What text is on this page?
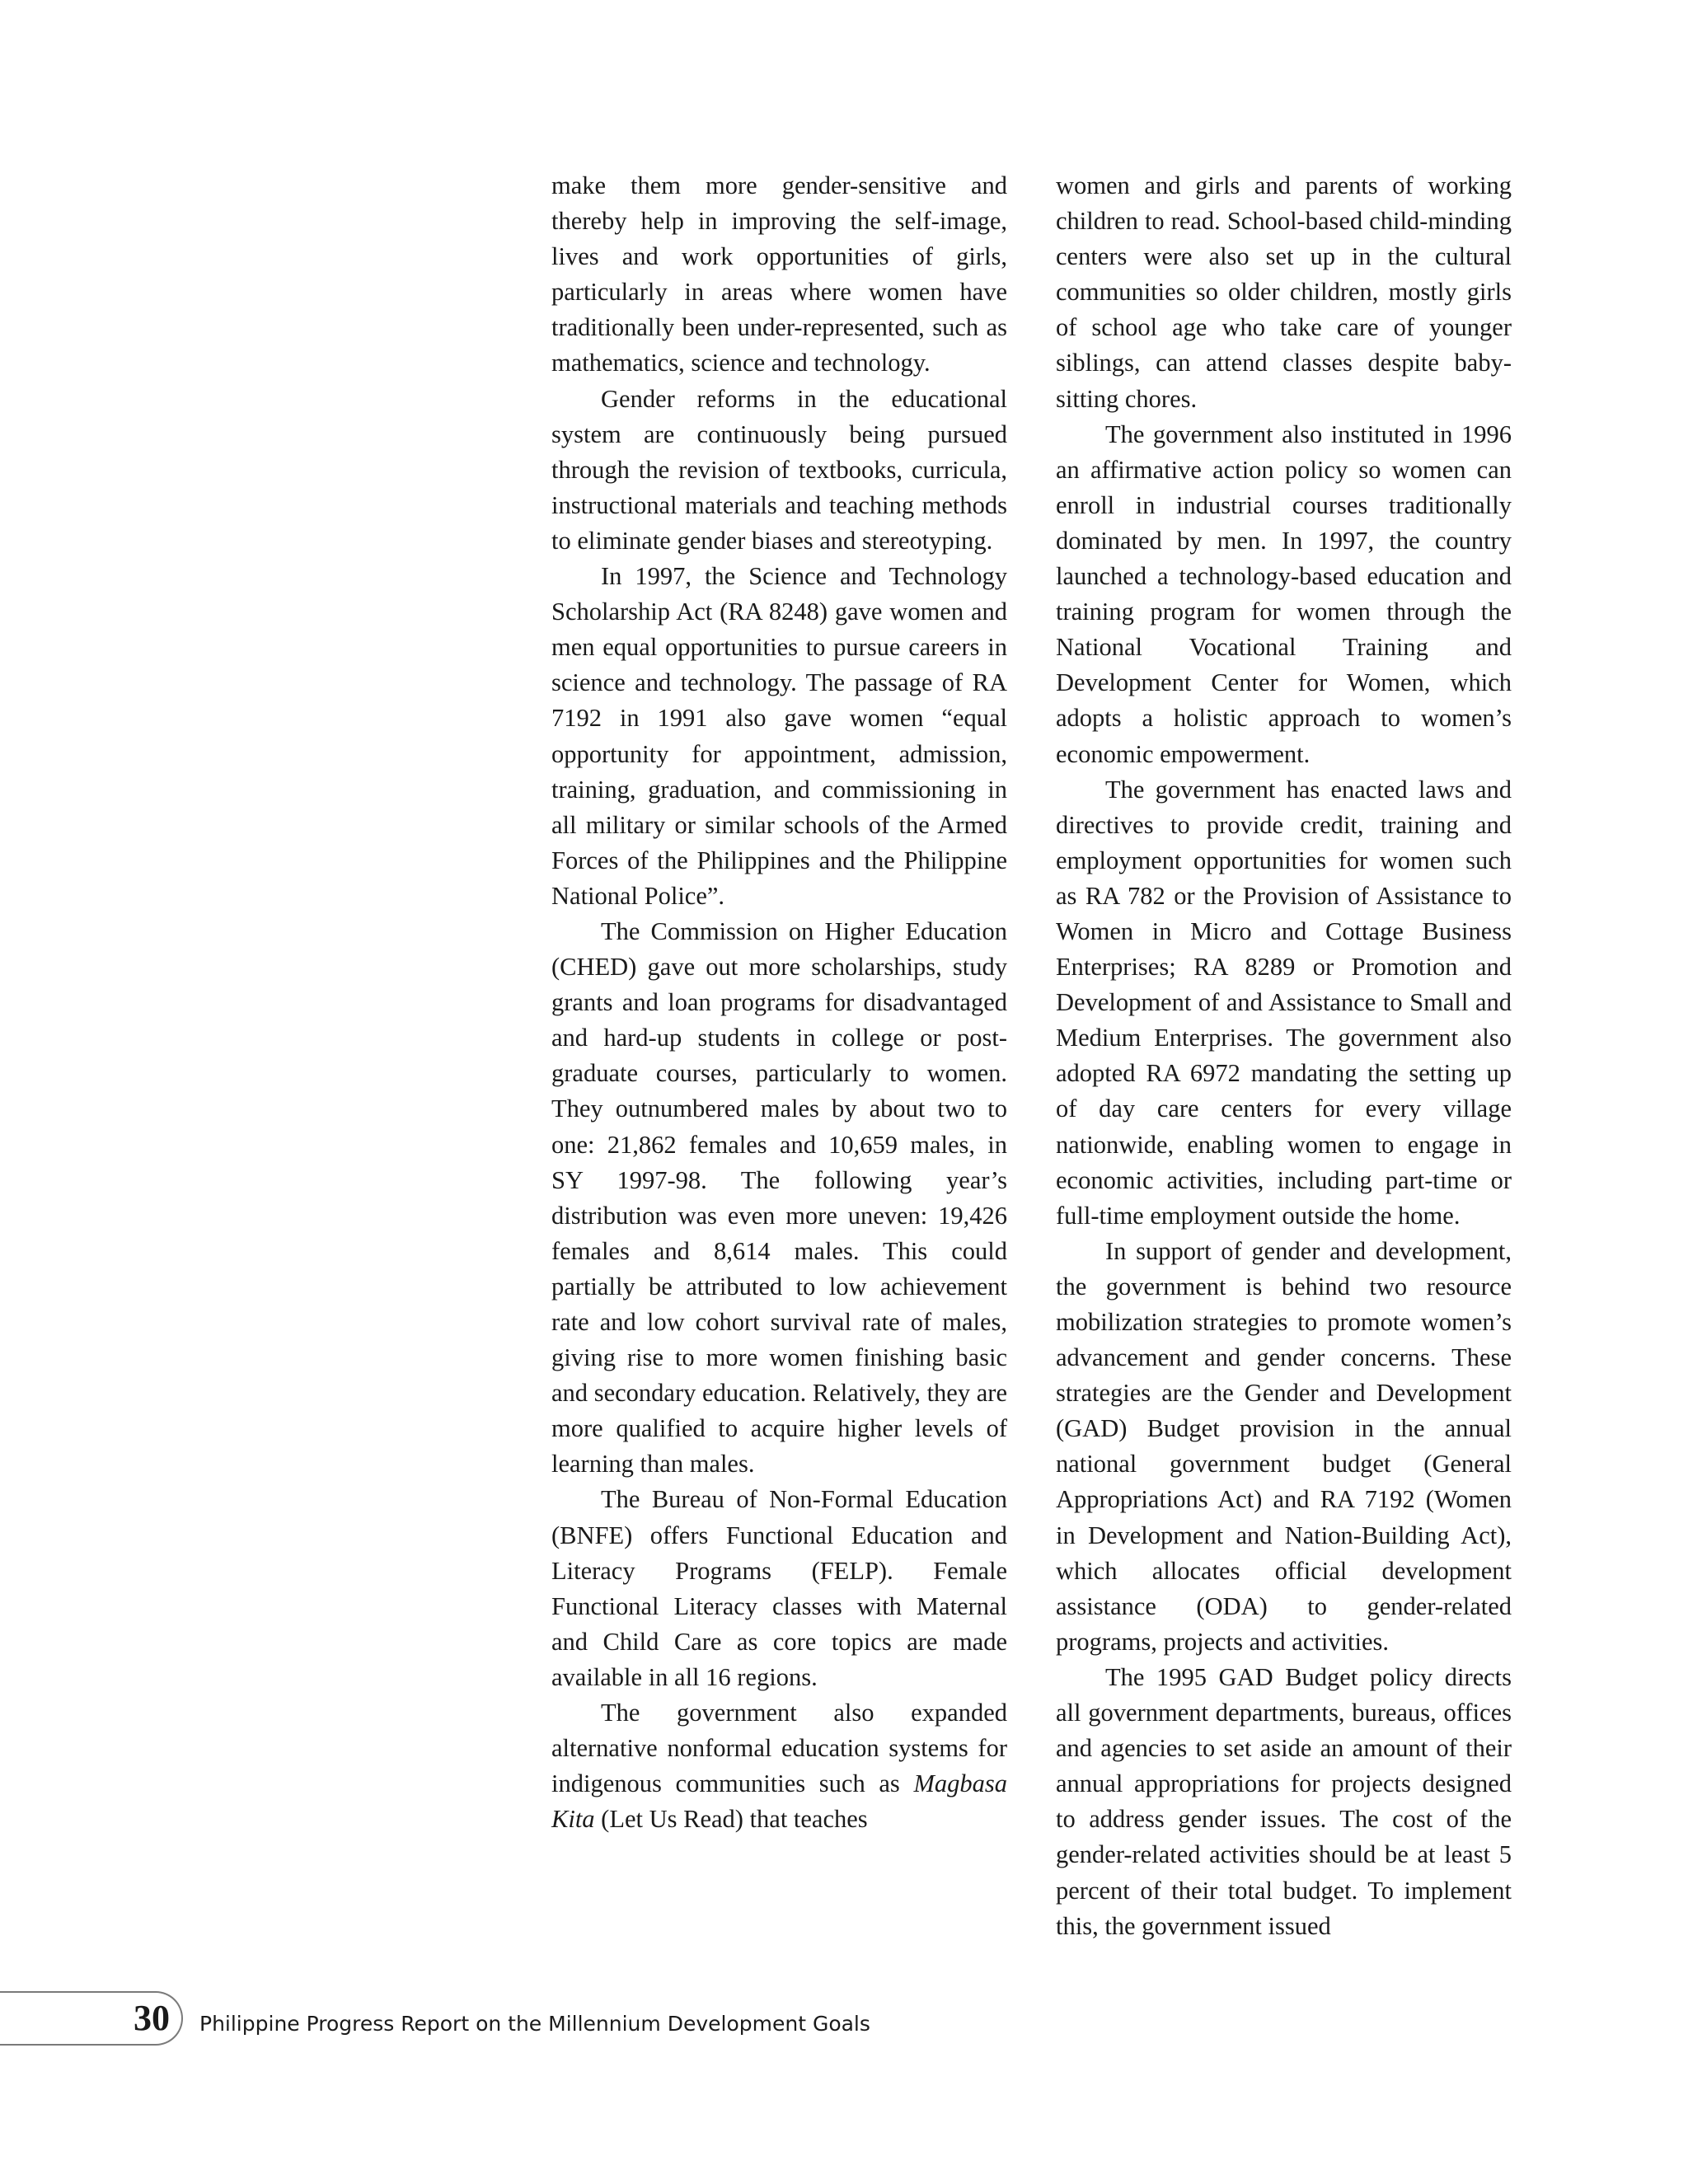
make them more gender-sensitive and thereby help in improving the self-image, lives and work opportunities of girls, particularly in areas where women have traditionally been under-represented, such as mathematics, science and technology.

Gender reforms in the educational system are continuously being pursued through the revision of textbooks, curricula, instructional materials and teaching methods to eliminate gender biases and stereotyping.

In 1997, the Science and Technology Scholarship Act (RA 8248) gave women and men equal opportunities to pursue careers in science and technology. The passage of RA 7192 in 1991 also gave women “equal opportunity for appointment, admission, training, graduation, and commissioning in all military or similar schools of the Armed Forces of the Philippines and the Philippine National Police”.

The Commission on Higher Education (CHED) gave out more scholarships, study grants and loan programs for disadvantaged and hard-up students in college or post-graduate courses, particularly to women. They outnumbered males by about two to one: 21,862 females and 10,659 males, in SY 1997-98. The following year’s distribution was even more uneven: 19,426 females and 8,614 males. This could partially be attributed to low achievement rate and low cohort survival rate of males, giving rise to more women finishing basic and secondary education. Relatively, they are more qualified to acquire higher levels of learning than males.

The Bureau of Non-Formal Education (BNFE) offers Functional Education and Literacy Programs (FELP). Female Functional Literacy classes with Maternal and Child Care as core topics are made available in all 16 regions.

The government also expanded alternative nonformal education systems for indigenous communities such as Magbasa Kita (Let Us Read) that teaches

women and girls and parents of working children to read. School-based child-minding centers were also set up in the cultural communities so older children, mostly girls of school age who take care of younger siblings, can attend classes despite baby-sitting chores.

The government also instituted in 1996 an affirmative action policy so women can enroll in industrial courses traditionally dominated by men. In 1997, the country launched a technology-based education and training program for women through the National Vocational Training and Development Center for Women, which adopts a holistic approach to women’s economic empowerment.

The government has enacted laws and directives to provide credit, training and employment opportunities for women such as RA 782 or the Provision of Assistance to Women in Micro and Cottage Business Enterprises; RA 8289 or Promotion and Development of and Assistance to Small and Medium Enterprises. The government also adopted RA 6972 mandating the setting up of day care centers for every village nationwide, enabling women to engage in economic activities, including part-time or full-time employment outside the home.

In support of gender and development, the government is behind two resource mobilization strategies to promote women’s advancement and gender concerns. These strategies are the Gender and Development (GAD) Budget provision in the annual national government budget (General Appropriations Act) and RA 7192 (Women in Development and Nation-Building Act), which allocates official development assistance (ODA) to gender-related programs, projects and activities.

The 1995 GAD Budget policy directs all government departments, bureaus, offices and agencies to set aside an amount of their annual appropriations for projects designed to address gender issues. The cost of the gender-related activities should be at least 5 percent of their total budget. To implement this, the government issued

30 Philippine Progress Report on the Millennium Development Goals
